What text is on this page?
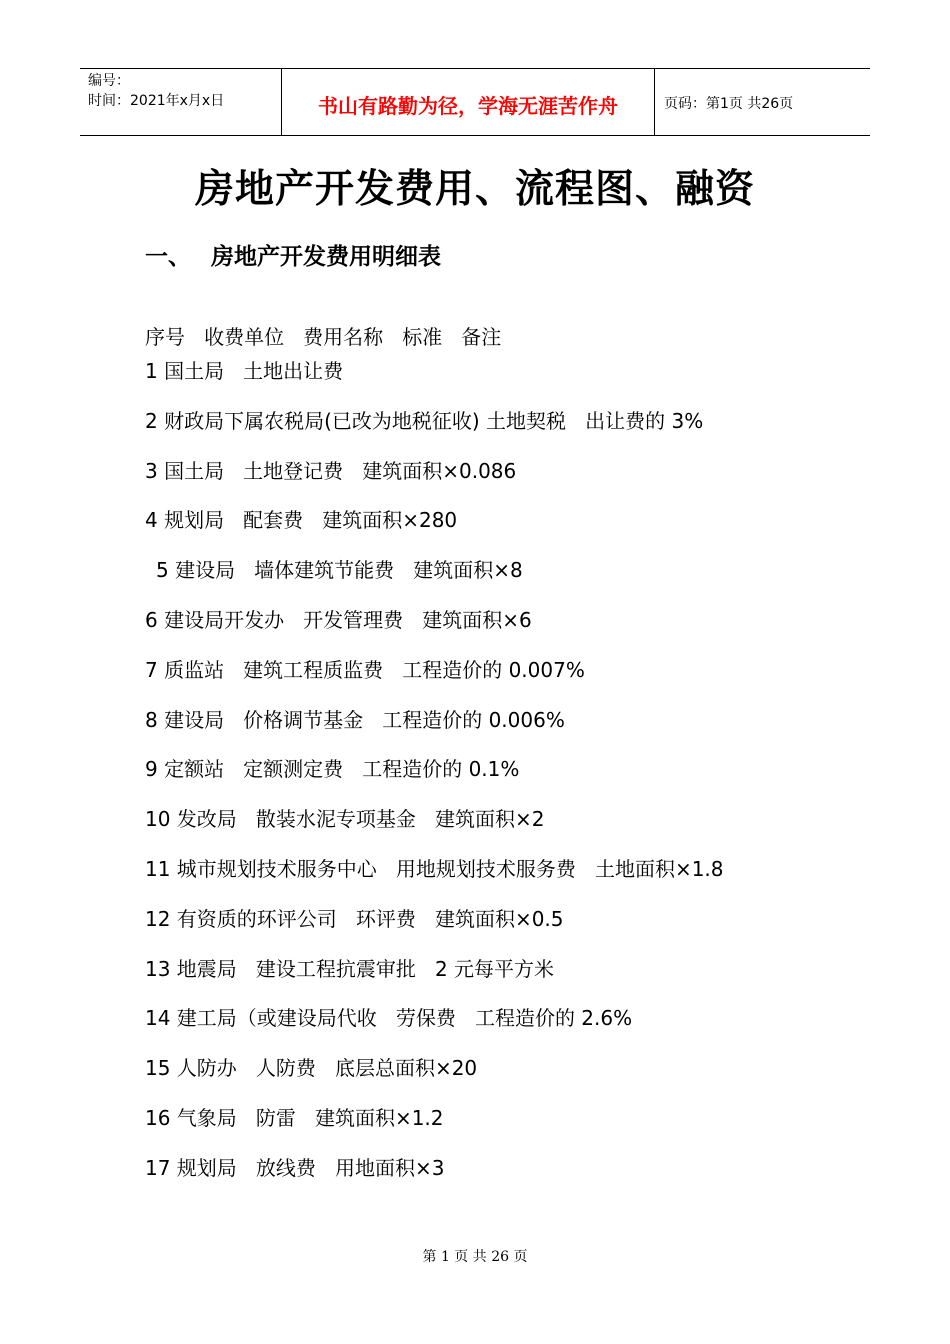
编号：
时间：2021年x月x日	书山有路勤为径，学海无涯苦作舟	页码：第1页 共26页
房地产开发费用、流程图、融资
一、 房地产开发费用明细表
序号   收费单位   费用名称   标准   备注
1 国土局   土地出让费
2 财政局下属农税局(已改为地税征收) 土地契税   出让费的 3%
3 国土局   土地登记费   建筑面积×0.086
4 规划局   配套费   建筑面积×280
5 建设局   墙体建筑节能费   建筑面积×8
6 建设局开发办   开发管理费   建筑面积×6
7 质监站   建筑工程质监费   工程造价的 0.007%
8 建设局   价格调节基金   工程造价的 0.006%
9 定额站   定额测定费   工程造价的 0.1%
10 发改局   散装水泥专项基金   建筑面积×2
11 城市规划技术服务中心   用地规划技术服务费   土地面积×1.8
12 有资质的环评公司   环评费   建筑面积×0.5
13 地震局   建设工程抗震审批   2 元每平方米
14 建工局（或建设局代收   劳保费   工程造价的 2.6%
15 人防办   人防费   底层总面积×20
16 气象局   防雷   建筑面积×1.2
17 规划局   放线费   用地面积×3
第 1 页 共 26 页
